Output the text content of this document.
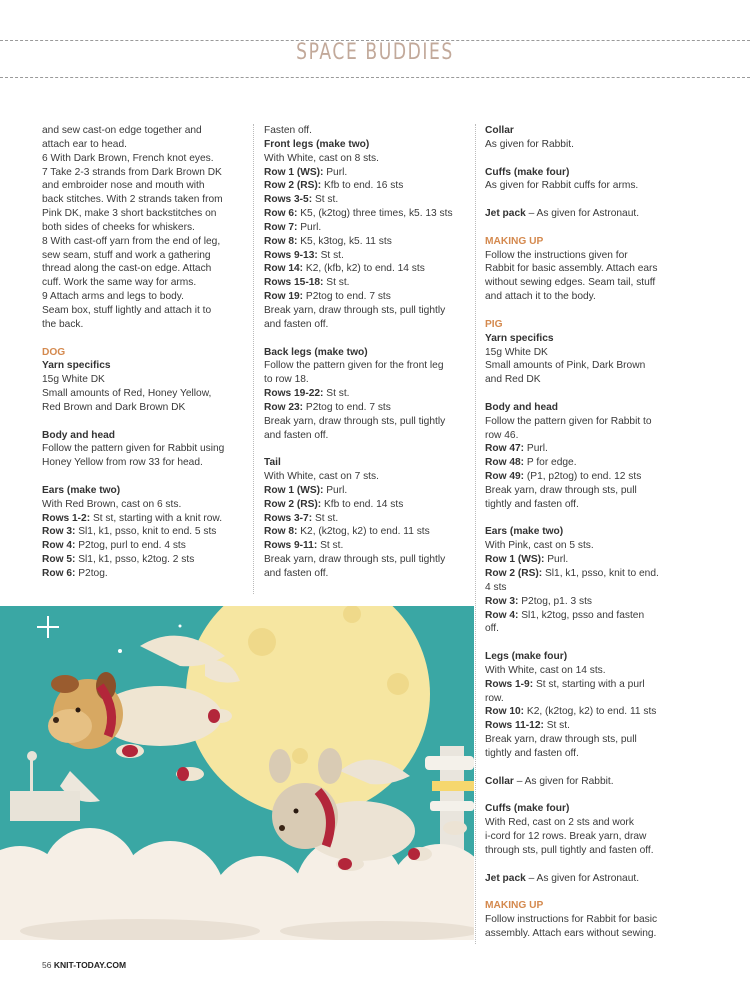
SPACE BUDDIES

and sew cast-on edge together and

attach ear to head.

6 With Dark Brown, French knot eyes.

7 Take 2-3 strands from Dark Brown DK

and embroider nose and mouth with

back stitches. With 2 strands taken from

Pink DK, make 3 short backstitches on

both sides of cheeks for whiskers.

8 With cast-off yarn from the end of leg,

sew seam, stuff and work a gathering

thread along the cast-on edge. Attach

cuff. Work the same way for arms.

9 Attach arms and legs to body.

Seam box, stuff lightly and attach it to

the back.

DOG

Yarn specifics

15g White DK

Small amounts of Red, Honey Yellow,

Red Brown and Dark Brown DK

Body and head

Follow the pattern given for Rabbit using

Honey Yellow from row 33 for head.

Ears (make two)

With Red Brown, cast on 6 sts.

Rows 1-2: St st, starting with a knit row.

Row 3: Sl1, k1, psso, knit to end. 5 sts

Row 4: P2tog, purl to end. 4 sts

Row 5: Sl1, k1, psso, k2tog. 2 sts

Row 6: P2tog.

Fasten off.

Front legs (make two)

With White, cast on 8 sts.

Row 1 (WS): Purl.

Row 2 (RS): Kfb to end. 16 sts

Rows 3-5: St st.

Row 6: K5, (k2tog) three times, k5. 13 sts

Row 7: Purl.

Row 8: K5, k3tog, k5. 11 sts

Rows 9-13: St st.

Row 14: K2, (kfb, k2) to end. 14 sts

Rows 15-18: St st.

Row 19: P2tog to end. 7 sts

Break yarn, draw through sts, pull tightly

and fasten off.

Back legs (make two)

Follow the pattern given for the front leg

to row 18.

Rows 19-22: St st.

Row 23: P2tog to end. 7 sts

Break yarn, draw through sts, pull tightly

and fasten off.

Tail

With White, cast on 7 sts.

Row 1 (WS): Purl.

Row 2 (RS): Kfb to end. 14 sts

Rows 3-7: St st.

Row 8: K2, (k2tog, k2) to end. 11 sts

Rows 9-11: St st.

Break yarn, draw through sts, pull tightly

and fasten off.

Collar

As given for Rabbit.

Cuffs (make four)

As given for Rabbit cuffs for arms.

Jet pack – As given for Astronaut.

MAKING UP

Follow the instructions given for

Rabbit for basic assembly. Attach ears

without sewing edges. Seam tail, stuff

and attach it to the body.

PIG

Yarn specifics

15g White DK

Small amounts of Pink, Dark Brown

and Red DK

Body and head

Follow the pattern given for Rabbit to

row 46.

Row 47: Purl.

Row 48: P for edge.

Row 49: (P1, p2tog) to end. 12 sts

Break yarn, draw through sts, pull

tightly and fasten off.

Ears (make two)

With Pink, cast on 5 sts.

Row 1 (WS): Purl.

Row 2 (RS): Sl1, k1, psso, knit to end.

4 sts

Row 3: P2tog, p1. 3 sts

Row 4: Sl1, k2tog, psso and fasten

off.

Legs (make four)

With White, cast on 14 sts.

Rows 1-9: St st, starting with a purl

row.

Row 10: K2, (k2tog, k2) to end. 11 sts

Rows 11-12: St st.

Break yarn, draw through sts, pull

tightly and fasten off.

Collar – As given for Rabbit.

Cuffs (make four)

With Red, cast on 2 sts and work

i-cord for 12 rows. Break yarn, draw

through sts, pull tightly and fasten off.

Jet pack – As given for Astronaut.

MAKING UP

Follow instructions for Rabbit for basic

assembly. Attach ears without sewing.

56 KNIT-TODAY.COM
